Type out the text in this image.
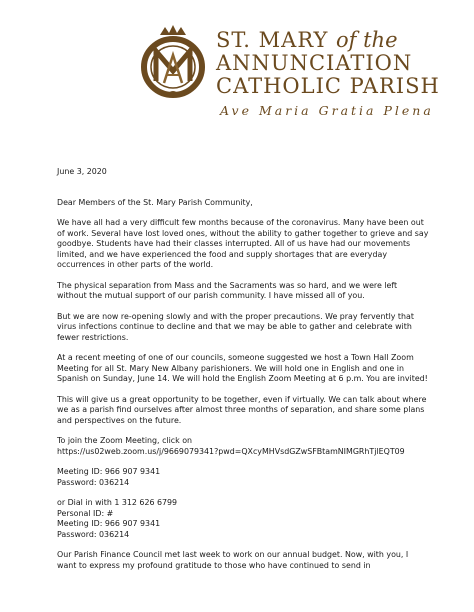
ST. MARY of the
ANNUNCIATION
CATHOLIC PARISH
Ave Maria Gratia Plena

June 3, 2020

Dear Members of the St. Mary Parish Community,

We have all had a very difficult few months because of the coronavirus. Many have been out of work. Several have lost loved ones, without the ability to gather together to grieve and say goodbye. Students have had their classes interrupted. All of us have had our movements limited, and we have experienced the food and supply shortages that are everyday occurrences in other parts of the world.

The physical separation from Mass and the Sacraments was so hard, and we were left without the mutual support of our parish community. I have missed all of you.

But we are now re-opening slowly and with the proper precautions. We pray fervently that virus infections continue to decline and that we may be able to gather and celebrate with fewer restrictions.

At a recent meeting of one of our councils, someone suggested we host a Town Hall Zoom Meeting for all St. Mary New Albany parishioners. We will hold one in English and one in Spanish on Sunday, June 14. We will hold the English Zoom Meeting at 6 p.m. You are invited!

This will give us a great opportunity to be together, even if virtually. We can talk about where we as a parish find ourselves after almost three months of separation, and share some plans and perspectives on the future.

To join the Zoom Meeting, click on
https://us02web.zoom.us/j/9669079341?pwd=QXcyMHVsdGZwSFBtamNIMGRhTjlEQT09

Meeting ID: 966 907 9341
Password: 036214

or Dial in with 1 312 626 6799
Personal ID: #
Meeting ID: 966 907 9341
Password: 036214

Our Parish Finance Council met last week to work on our annual budget. Now, with you, I want to express my profound gratitude to those who have continued to send in
